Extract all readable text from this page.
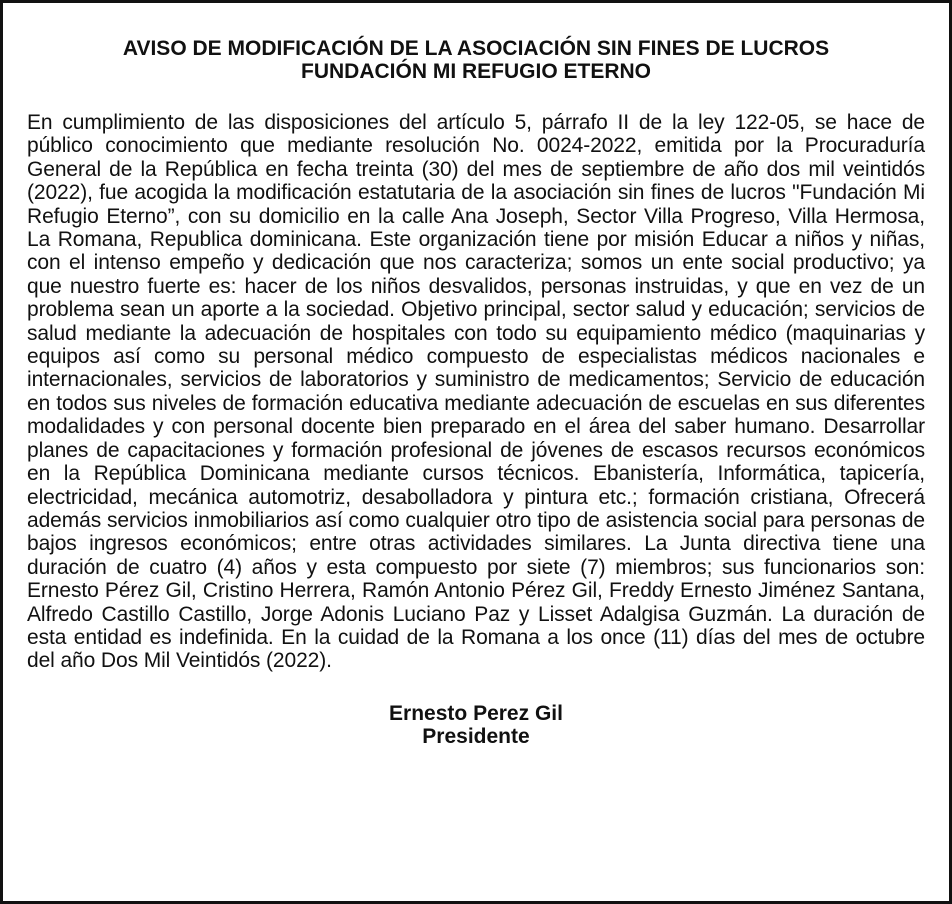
AVISO DE MODIFICACIÓN DE LA ASOCIACIÓN SIN FINES DE LUCROS
FUNDACIÓN MI REFUGIO ETERNO

En cumplimiento de las disposiciones del artículo 5, párrafo II de la ley 122-05, se hace de público conocimiento que mediante resolución No. 0024-2022, emitida por la Procuraduría General de la República en fecha treinta (30) del mes de septiembre de año dos mil veintidós (2022), fue acogida la modificación estatutaria de la asociación sin fines de lucros "Fundación Mi Refugio Eterno”, con su domicilio en la calle Ana Joseph, Sector Villa Progreso, Villa Hermosa, La Romana, Republica dominicana. Este organización tiene por misión Educar a niños y niñas, con el intenso empeño y dedicación que nos caracteriza; somos un ente social productivo; ya que nuestro fuerte es: hacer de los niños desvalidos, personas instruidas, y que en vez de un problema sean un aporte a la sociedad. Objetivo principal, sector salud y educación; servicios de salud mediante la adecuación de hospitales con todo su equipamiento médico (maquinarias y equipos así como su personal médico compuesto de especialistas médicos nacionales e internacionales, servicios de laboratorios y suministro de medicamentos; Servicio de educación en todos sus niveles de formación educativa mediante adecuación de escuelas en sus diferentes modalidades y con personal docente bien preparado en el área del saber humano. Desarrollar planes de capacitaciones y formación profesional de jóvenes de escasos recursos económicos en la República Dominicana mediante cursos técnicos. Ebanistería, Informática, tapicería, electricidad, mecánica automotriz, desabolladora y pintura etc.; formación cristiana, Ofrecerá además servicios inmobiliarios así como cualquier otro tipo de asistencia social para personas de bajos ingresos económicos; entre otras actividades similares. La Junta directiva tiene una duración de cuatro (4) años y esta compuesto por siete (7) miembros; sus funcionarios son: Ernesto Pérez Gil, Cristino Herrera, Ramón Antonio Pérez Gil, Freddy Ernesto Jiménez Santana, Alfredo Castillo Castillo, Jorge Adonis Luciano Paz y Lisset Adalgisa Guzmán. La duración de esta entidad es indefinida. En la cuidad de la Romana a los once (11) días del mes de octubre del año Dos Mil Veintidós (2022).

Ernesto Perez Gil
Presidente
